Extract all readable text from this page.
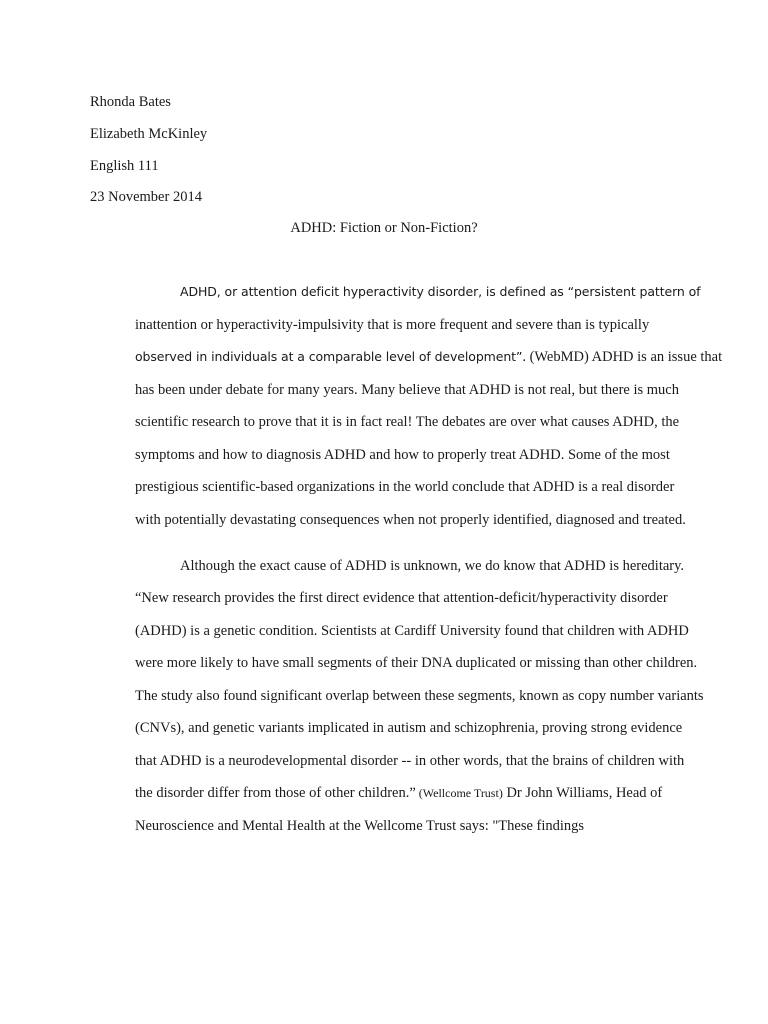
Rhonda Bates
Elizabeth McKinley
English 111
23 November 2014
ADHD: Fiction or Non-Fiction?
ADHD, or attention deficit hyperactivity disorder, is defined as “persistent pattern of
inattention or hyperactivity-impulsivity that is more frequent and severe than is typically
observed in individuals at a comparable level of development”. (WebMD) ADHD is an issue that
has been under debate for many years. Many believe that ADHD is not real, but there is much
scientific research to prove that it is in fact real! The debates are over what causes ADHD, the
symptoms and how to diagnosis ADHD and how to properly treat ADHD. Some of the most
prestigious scientific-based organizations in the world conclude that ADHD is a real disorder
with potentially devastating consequences when not properly identified, diagnosed and treated.
Although the exact cause of ADHD is unknown, we do know that ADHD is hereditary.
“New research provides the first direct evidence that attention-deficit/hyperactivity disorder
(ADHD) is a genetic condition. Scientists at Cardiff University found that children with ADHD
were more likely to have small segments of their DNA duplicated or missing than other children.
The study also found significant overlap between these segments, known as copy number variants
(CNVs), and genetic variants implicated in autism and schizophrenia, proving strong evidence
that ADHD is a neurodevelopmental disorder -- in other words, that the brains of children with
the disorder differ from those of other children.” (Wellcome Trust) Dr John Williams, Head of
Neuroscience and Mental Health at the Wellcome Trust says: "These findings
